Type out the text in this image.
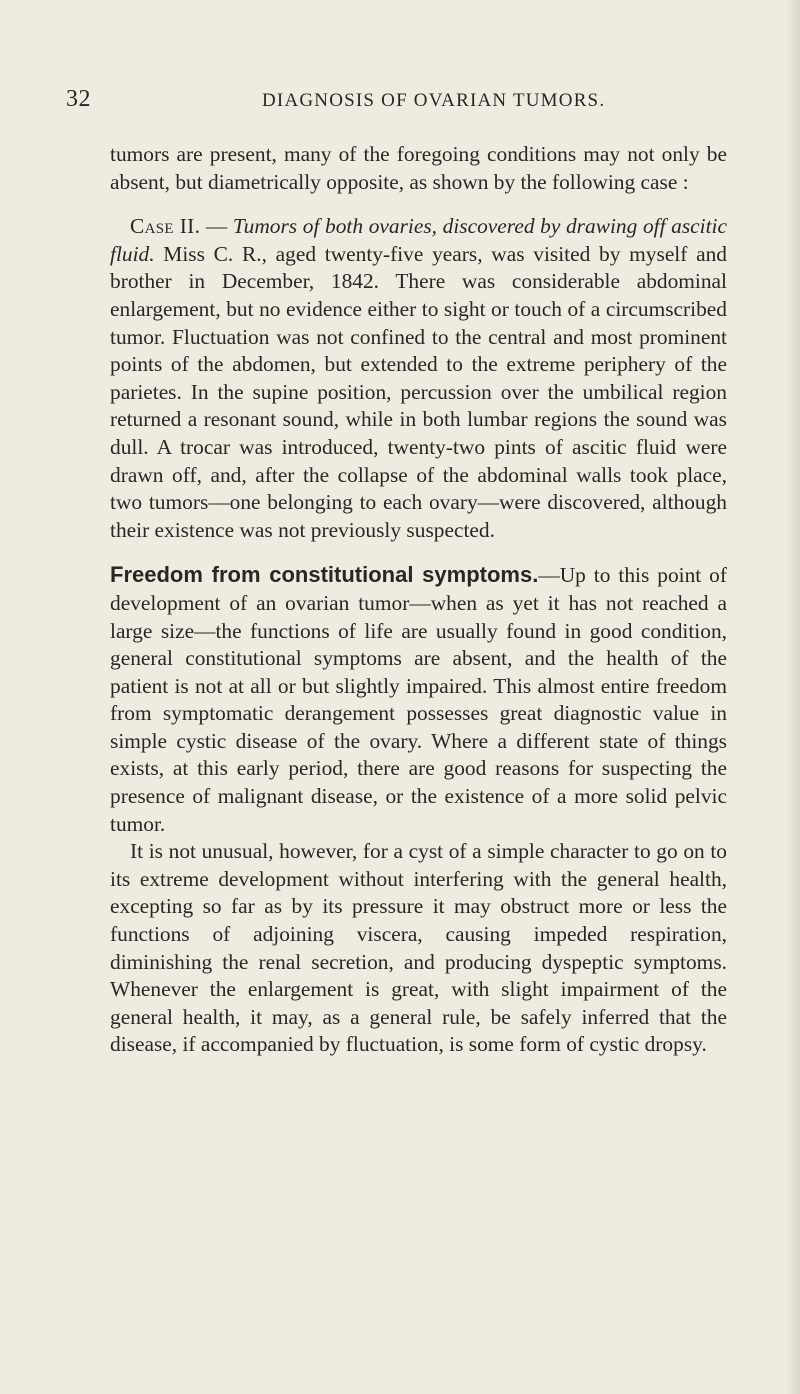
32	DIAGNOSIS OF OVARIAN TUMORS.

tumors are present, many of the foregoing conditions may not only be absent, but diametrically opposite, as shown by the following case :

Case II. — Tumors of both ovaries, discovered by drawing off ascitic fluid. Miss C. R., aged twenty-five years, was visited by myself and brother in December, 1842. There was considerable abdominal enlargement, but no evidence either to sight or touch of a circumscribed tumor. Fluctuation was not confined to the central and most prominent points of the abdomen, but extended to the extreme periphery of the parietes. In the supine position, percussion over the umbilical region returned a resonant sound, while in both lumbar regions the sound was dull. A trocar was introduced, twenty-two pints of ascitic fluid were drawn off, and, after the collapse of the abdominal walls took place, two tumors—one belonging to each ovary—were discovered, although their existence was not previously suspected.

Freedom from constitutional symptoms.—Up to this point of development of an ovarian tumor—when as yet it has not reached a large size—the functions of life are usually found in good condition, general constitutional symptoms are absent, and the health of the patient is not at all or but slightly impaired. This almost entire freedom from symptomatic derangement possesses great diagnostic value in simple cystic disease of the ovary. Where a different state of things exists, at this early period, there are good reasons for suspecting the presence of malignant disease, or the existence of a more solid pelvic tumor.

It is not unusual, however, for a cyst of a simple character to go on to its extreme development without interfering with the general health, excepting so far as by its pressure it may obstruct more or less the functions of adjoining viscera, causing impeded respiration, diminishing the renal secretion, and producing dyspeptic symptoms. Whenever the enlargement is great, with slight impairment of the general health, it may, as a general rule, be safely inferred that the disease, if accompanied by fluctuation, is some form of cystic dropsy.
